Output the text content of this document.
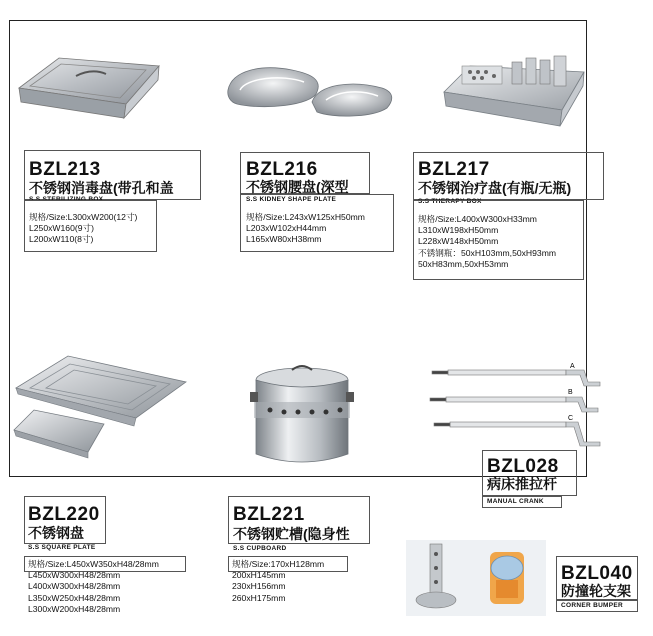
BZL213
不锈钢消毒盘(带孔和盖
S.S STERILIZING BOX
规格/Size:L300xW200(12寸)
L250xW160(9寸)
L200xW110(8寸)
BZL216
不锈钢腰盘(深型
S.S KIDNEY SHAPE PLATE
规格/Size:L243xW125xH50mm
L203xW102xH44mm
L165xW80xH38mm
BZL217
不锈钢治疗盘(有瓶/无瓶)
S.S THERAPY BOX
规格/Size:L400xW300xH33mm
L310xW198xH50mm
L228xW148xH50mm
不锈钢瓶：50xH103mm,50xH93mm
50xH83mm,50xH53mm
A
B
C
BZL028
病床推拉杆
MANUAL CRANK
BZL220
不锈钢盘
S.S SQUARE PLATE
规格/Size:L450xW350xH48/28mm
L450xW300xH48/28mm
L400xW300xH48/28mm
L350xW250xH48/28mm
L300xW200xH48/28mm
BZL221
不锈钢贮槽(隐身性
S.S CUPBOARD
规格/Size:170xH128mm
200xH145mm
230xH156mm
260xH175mm
BZL040
防撞轮支架
CORNER BUMPER
